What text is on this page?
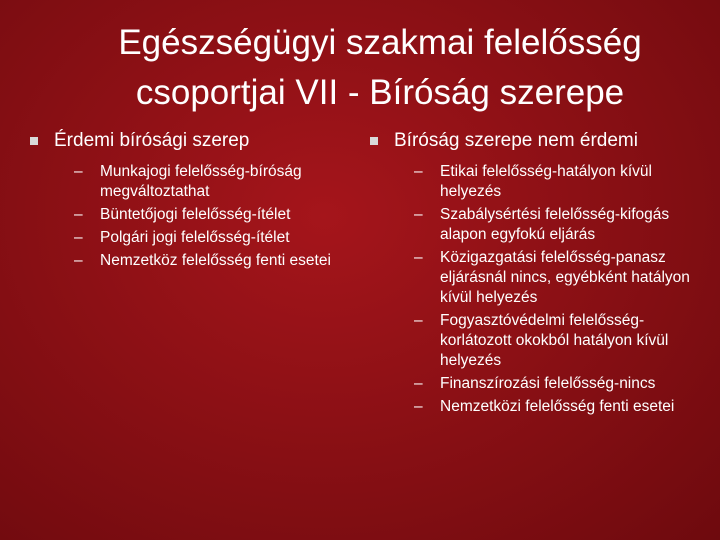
Egészségügyi szakmai felelősség
csoportjai VII - Bíróság szerepe
Érdemi bírósági szerep
–	Munkajogi felelősség-bíróság megváltoztathat
–	Büntetőjogi felelősség-ítélet
–	Polgári jogi felelősség-ítélet
–	Nemzetköz felelősség fenti esetei
Bíróság szerepe nem érdemi
–	Etikai felelősség-hatályon kívül helyezés
–	Szabálysértési felelősség-kifogás alapon egyfokú eljárás
–	Közigazgatási felelősség-panasz eljárásnál nincs, egyébként hatályon kívül helyezés
–	Fogyasztóvédelmi felelősség-korlátozott okokból hatályon kívül helyezés
–	Finanszírozási felelősség-nincs
–	Nemzetközi felelősség fenti esetei
